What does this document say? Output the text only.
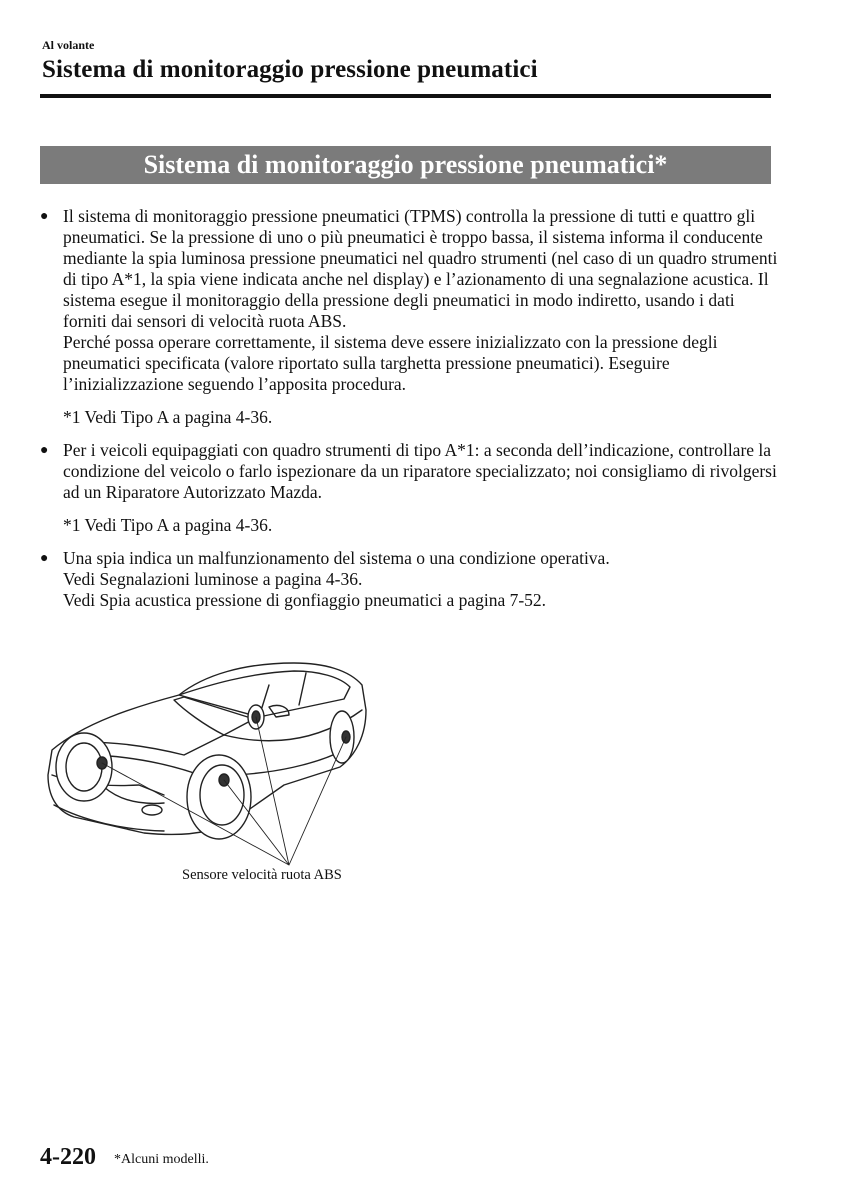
Al volante
Sistema di monitoraggio pressione pneumatici
Sistema di monitoraggio pressione pneumatici*
● Il sistema di monitoraggio pressione pneumatici (TPMS) controlla la pressione di tutti e quattro gli pneumatici. Se la pressione di uno o più pneumatici è troppo bassa, il sistema informa il conducente mediante la spia luminosa pressione pneumatici nel quadro strumenti (nel caso di un quadro strumenti di tipo A*1, la spia viene indicata anche nel display) e l’azionamento di una segnalazione acustica. Il sistema esegue il monitoraggio della pressione degli pneumatici in modo indiretto, usando i dati forniti dai sensori di velocità ruota ABS.

Perché possa operare correttamente, il sistema deve essere inizializzato con la pressione degli pneumatici specificata (valore riportato sulla targhetta pressione pneumatici). Eseguire l’inizializzazione seguendo l’apposita procedura.

*1 Vedi Tipo A a pagina 4-36.
● Per i veicoli equipaggiati con quadro strumenti di tipo A*1: a seconda dell’indicazione, controllare la condizione del veicolo o farlo ispezionare da un riparatore specializzato; noi consigliamo di rivolgersi ad un Riparatore Autorizzato Mazda.

*1 Vedi Tipo A a pagina 4-36.
● Una spia indica un malfunzionamento del sistema o una condizione operativa.

Vedi Segnalazioni luminose a pagina 4-36.

Vedi Spia acustica pressione di gonfiaggio pneumatici a pagina 7-52.

Sensore velocità ruota ABS
4-220 *Alcuni modelli.
